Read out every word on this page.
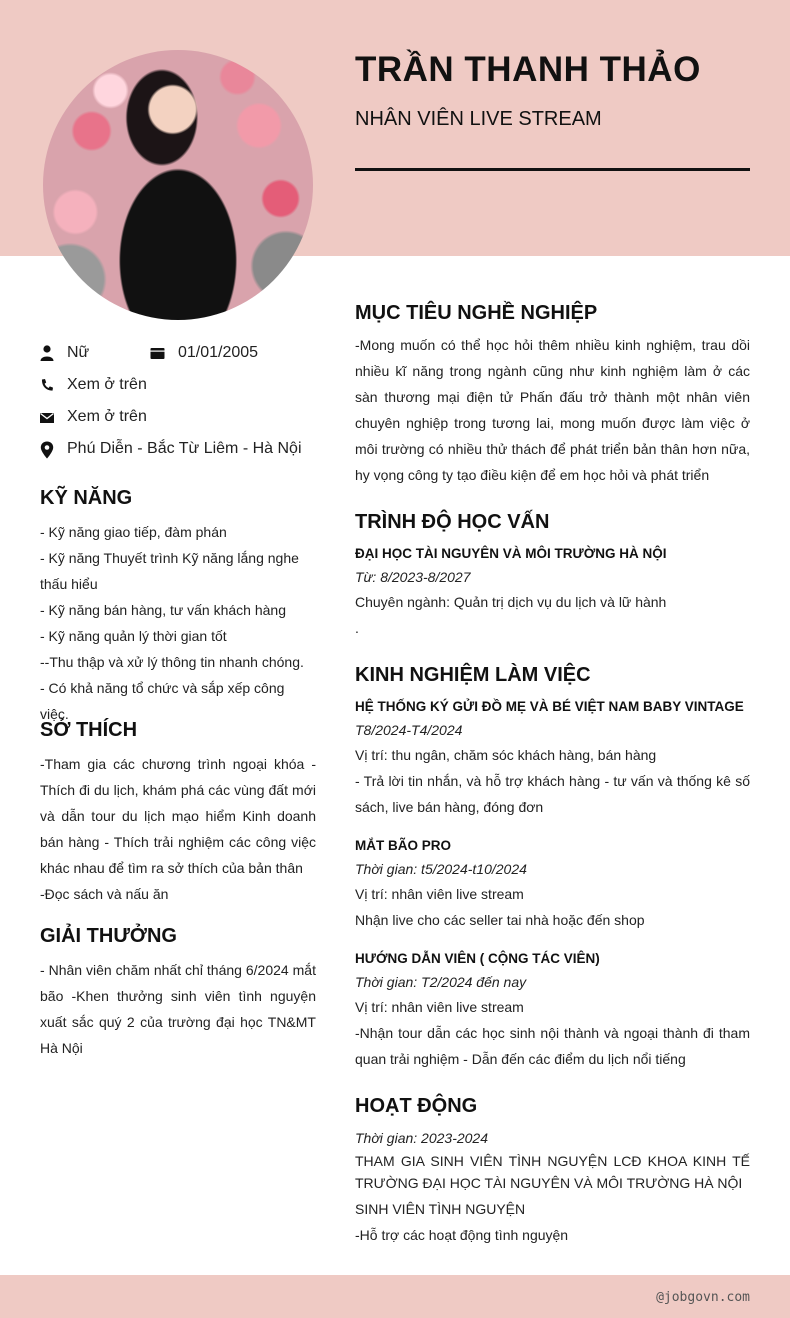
TRẦN THANH THẢO
NHÂN VIÊN LIVE STREAM
Nữ	01/01/2005
Xem ở trên
Xem ở trên
Phú Diễn - Bắc Từ Liêm - Hà Nội
KỸ NĂNG
- Kỹ năng giao tiếp, đàm phán
- Kỹ năng Thuyết trình Kỹ năng lắng nghe thấu hiểu
- Kỹ năng bán hàng, tư vấn khách hàng
- Kỹ năng quản lý thời gian tốt
--Thu thập và xử lý thông tin nhanh chóng.
- Có khả năng tổ chức và sắp xếp công việc.
SỞ THÍCH
-Tham gia các chương trình ngoại khóa - Thích đi du lịch, khám phá các vùng đất mới và dẫn tour du lịch mạo hiểm Kinh doanh bán hàng - Thích trải nghiệm các công việc khác nhau để tìm ra sở thích của bản thân
-Đọc sách và nấu ăn
GIẢI THƯỞNG
- Nhân viên chăm nhất chỉ tháng 6/2024 mắt bão -Khen thưởng sinh viên tình nguyện xuất sắc quý 2 của trường đại học TN&MT Hà Nội
MỤC TIÊU NGHỀ NGHIỆP
-Mong muốn có thể học hỏi thêm nhiều kinh nghiệm, trau dồi nhiều kĩ năng trong ngành cũng như kinh nghiệm làm ở các sàn thương mại điện tử Phấn đấu trở thành một nhân viên chuyên nghiệp trong tương lai, mong muốn được làm việc ở môi trường có nhiều thử thách để phát triển bản thân hơn nữa, hy vọng công ty tạo điều kiện để em học hỏi và phát triển
TRÌNH ĐỘ HỌC VẤN
ĐẠI HỌC TÀI NGUYÊN VÀ MÔI TRƯỜNG HÀ NỘI
Từ: 8/2023-8/2027
Chuyên ngành: Quản trị dịch vụ du lịch và lữ hành
.
KINH NGHIỆM LÀM VIỆC
HỆ THỐNG KÝ GỬI ĐỒ MẸ VÀ BÉ VIỆT NAM BABY VINTAGE
T8/2024-T4/2024
Vị trí: thu ngân, chăm sóc khách hàng, bán hàng
- Trả lời tin nhắn, và hỗ trợ khách hàng - tư vấn và thống kê số sách, live bán hàng, đóng đơn
MẮT BÃO PRO
Thời gian: t5/2024-t10/2024
Vị trí: nhân viên live stream
Nhận live cho các seller tai nhà hoặc đến shop
HƯỚNG DẪN VIÊN ( CỘNG TÁC VIÊN)
Thời gian: T2/2024 đến nay
Vị trí: nhân viên live stream
-Nhận tour dẫn các học sinh nội thành và ngoại thành đi tham quan trải nghiệm - Dẫn đến các điểm du lịch nổi tiếng
HOẠT ĐỘNG
Thời gian: 2023-2024
THAM GIA SINH VIÊN TÌNH NGUYỆN LCĐ KHOA KINH TẾ TRƯỜNG ĐẠI HỌC TÀI NGUYÊN VÀ MÔI TRƯỜNG HÀ NỘI
SINH VIÊN TÌNH NGUYỆN
-Hỗ trợ các hoạt động tình nguyện
@jobgovn.com
